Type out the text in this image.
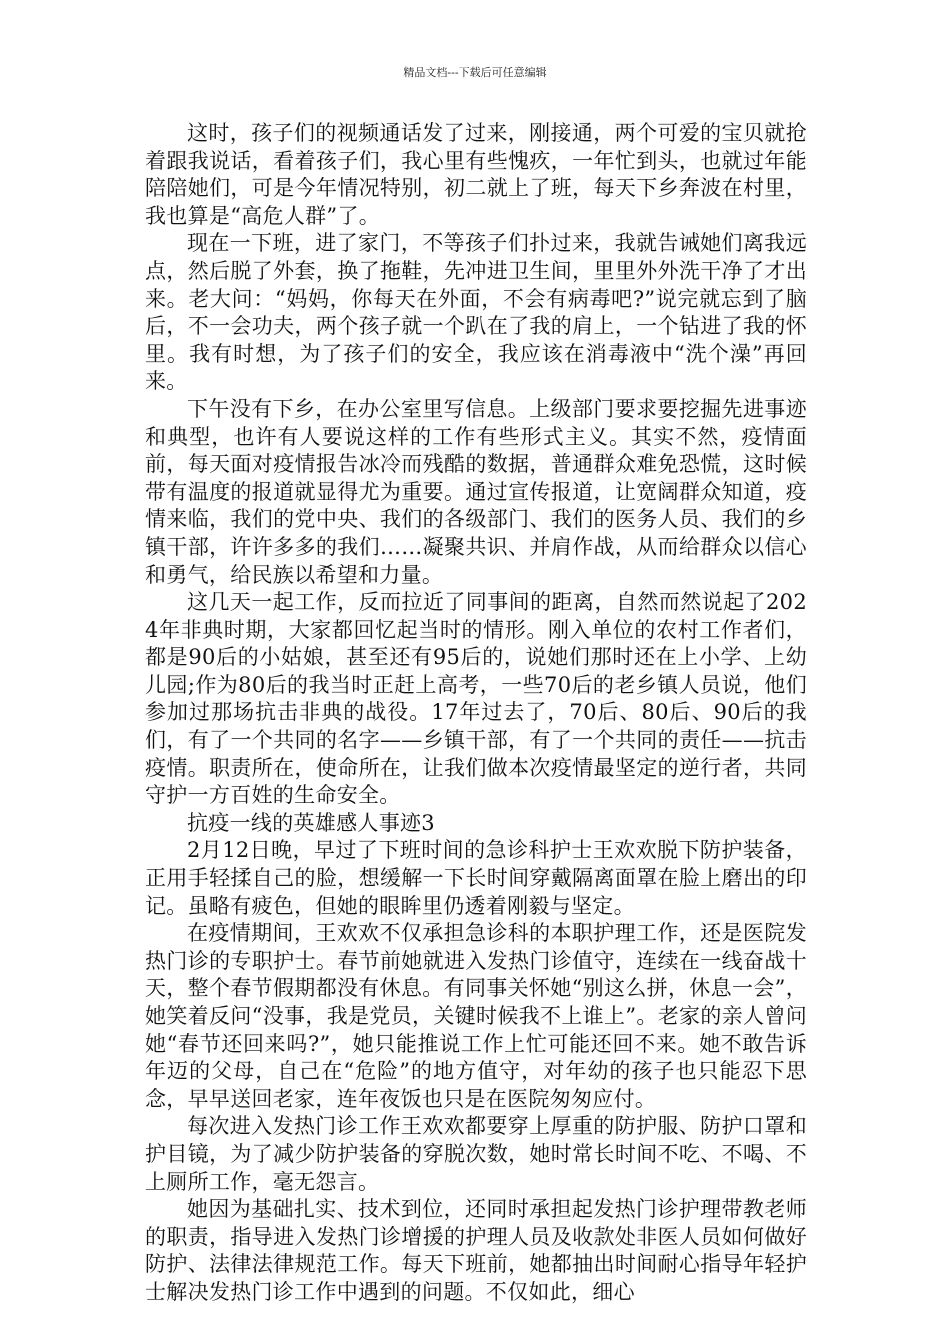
精品文档---下载后可任意编辑

这时，孩子们的视频通话发了过来，刚接通，两个可爱的宝贝就抢着跟我说话，看着孩子们，我心里有些愧疚，一年忙到头，也就过年能陪陪她们，可是今年情况特别，初二就上了班，每天下乡奔波在村里，我也算是“高危人群”了。

现在一下班，进了家门，不等孩子们扑过来，我就告诫她们离我远点，然后脱了外套，换了拖鞋，先冲进卫生间，里里外外洗干净了才出来。老大问：“妈妈，你每天在外面，不会有病毒吧?”说完就忘到了脑后，不一会功夫，两个孩子就一个趴在了我的肩上，一个钻进了我的怀里。我有时想，为了孩子们的安全，我应该在消毒液中“洗个澡”再回来。

下午没有下乡，在办公室里写信息。上级部门要求要挖掘先进事迹和典型，也许有人要说这样的工作有些形式主义。其实不然，疫情面前，每天面对疫情报告冰冷而残酷的数据，普通群众难免恐慌，这时候带有温度的报道就显得尤为重要。通过宣传报道，让宽阔群众知道，疫情来临，我们的党中央、我们的各级部门、我们的医务人员、我们的乡镇干部，许许多多的我们……凝聚共识、并肩作战，从而给群众以信心和勇气，给民族以希望和力量。

这几天一起工作，反而拉近了同事间的距离，自然而然说起了2024年非典时期，大家都回忆起当时的情形。刚入单位的农村工作者们，都是90后的小姑娘，甚至还有95后的，说她们那时还在上小学、上幼儿园;作为80后的我当时正赶上高考，一些70后的老乡镇人员说，他们参加过那场抗击非典的战役。17年过去了，70后、80后、90后的我们，有了一个共同的名字——乡镇干部，有了一个共同的责任——抗击疫情。职责所在，使命所在，让我们做本次疫情最坚定的逆行者，共同守护一方百姓的生命安全。

抗疫一线的英雄感人事迹3

2月12日晚，早过了下班时间的急诊科护士王欢欢脱下防护装备，正用手轻揉自己的脸，想缓解一下长时间穿戴隔离面罩在脸上磨出的印记。虽略有疲色，但她的眼眸里仍透着刚毅与坚定。

在疫情期间，王欢欢不仅承担急诊科的本职护理工作，还是医院发热门诊的专职护士。春节前她就进入发热门诊值守，连续在一线奋战十天，整个春节假期都没有休息。有同事关怀她“别这么拼，休息一会”，她笑着反问“没事，我是党员，关键时候我不上谁上”。老家的亲人曾问她“春节还回来吗?”，她只能推说工作上忙可能还回不来。她不敢告诉年迈的父母，自己在“危险”的地方值守，对年幼的孩子也只能忍下思念，早早送回老家，连年夜饭也只是在医院匆匆应付。

每次进入发热门诊工作王欢欢都要穿上厚重的防护服、防护口罩和护目镜，为了减少防护装备的穿脱次数，她时常长时间不吃、不喝、不上厕所工作，毫无怨言。

她因为基础扎实、技术到位，还同时承担起发热门诊护理带教老师的职责，指导进入发热门诊增援的护理人员及收款处非医人员如何做好防护、法律法律规范工作。每天下班前，她都抽出时间耐心指导年轻护士解决发热门诊工作中遇到的问题。不仅如此，细心
